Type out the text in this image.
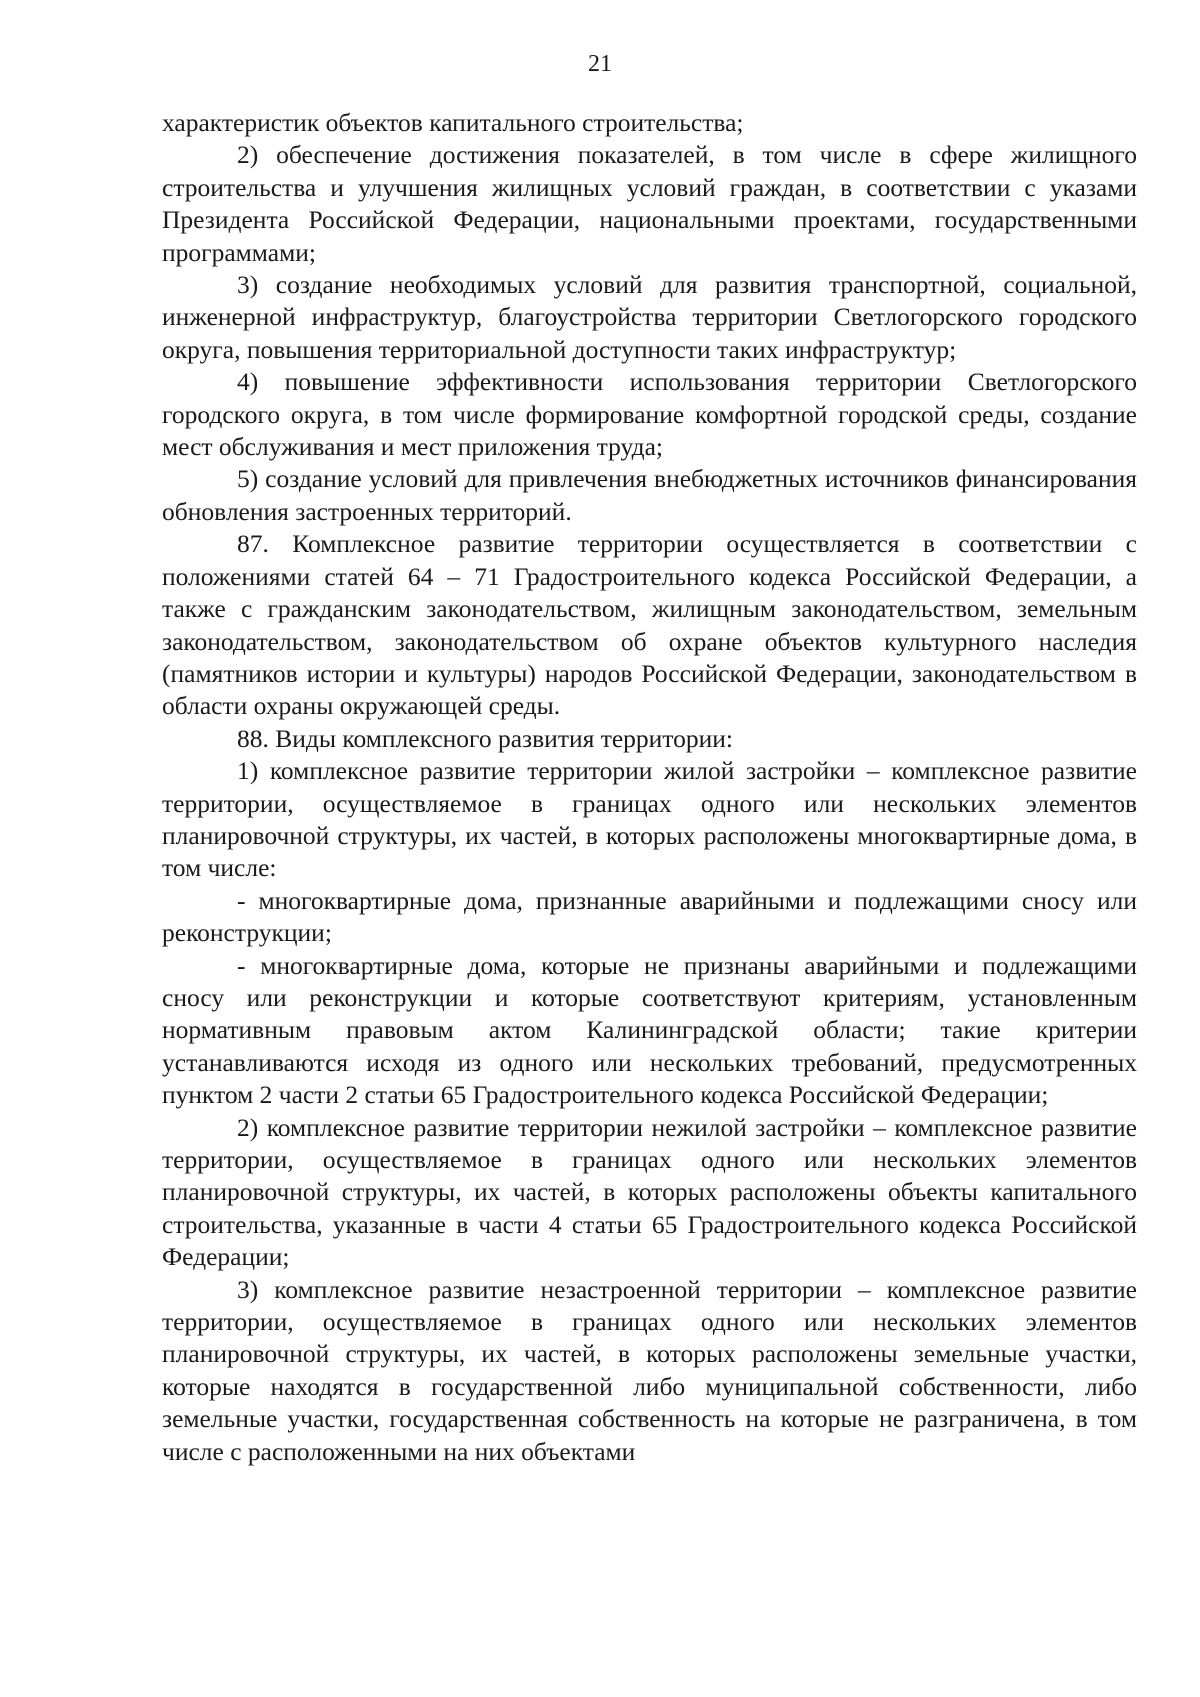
21

характеристик объектов капитального строительства;

2) обеспечение достижения показателей, в том числе в сфере жилищного строительства и улучшения жилищных условий граждан, в соответствии с указами Президента Российской Федерации, национальными проектами, государственными программами;

3) создание необходимых условий для развития транспортной, социальной, инженерной инфраструктур, благоустройства территории Светлогорского городского округа, повышения территориальной доступности таких инфраструктур;

4) повышение эффективности использования территории Светлогорского городского округа, в том числе формирование комфортной городской среды, создание мест обслуживания и мест приложения труда;

5) создание условий для привлечения внебюджетных источников финансирования обновления застроенных территорий.

87. Комплексное развитие территории осуществляется в соответствии с положениями статей 64 – 71 Градостроительного кодекса Российской Федерации, а также с гражданским законодательством, жилищным законодательством, земельным законодательством, законодательством об охране объектов культурного наследия (памятников истории и культуры) народов Российской Федерации, законодательством в области охраны окружающей среды.

88. Виды комплексного развития территории:

1) комплексное развитие территории жилой застройки – комплексное развитие территории, осуществляемое в границах одного или нескольких элементов планировочной структуры, их частей, в которых расположены многоквартирные дома, в том числе:

- многоквартирные дома, признанные аварийными и подлежащими сносу или реконструкции;

- многоквартирные дома, которые не признаны аварийными и подлежащими сносу или реконструкции и которые соответствуют критериям, установленным нормативным правовым актом Калининградской области; такие критерии устанавливаются исходя из одного или нескольких требований, предусмотренных пунктом 2 части 2 статьи 65 Градостроительного кодекса Российской Федерации;

2) комплексное развитие территории нежилой застройки – комплексное развитие территории, осуществляемое в границах одного или нескольких элементов планировочной структуры, их частей, в которых расположены объекты капитального строительства, указанные в части 4 статьи 65 Градостроительного кодекса Российской Федерации;

3) комплексное развитие незастроенной территории – комплексное развитие территории, осуществляемое в границах одного или нескольких элементов планировочной структуры, их частей, в которых расположены земельные участки, которые находятся в государственной либо муниципальной собственности, либо земельные участки, государственная собственность на которые не разграничена, в том числе с расположенными на них объектами
